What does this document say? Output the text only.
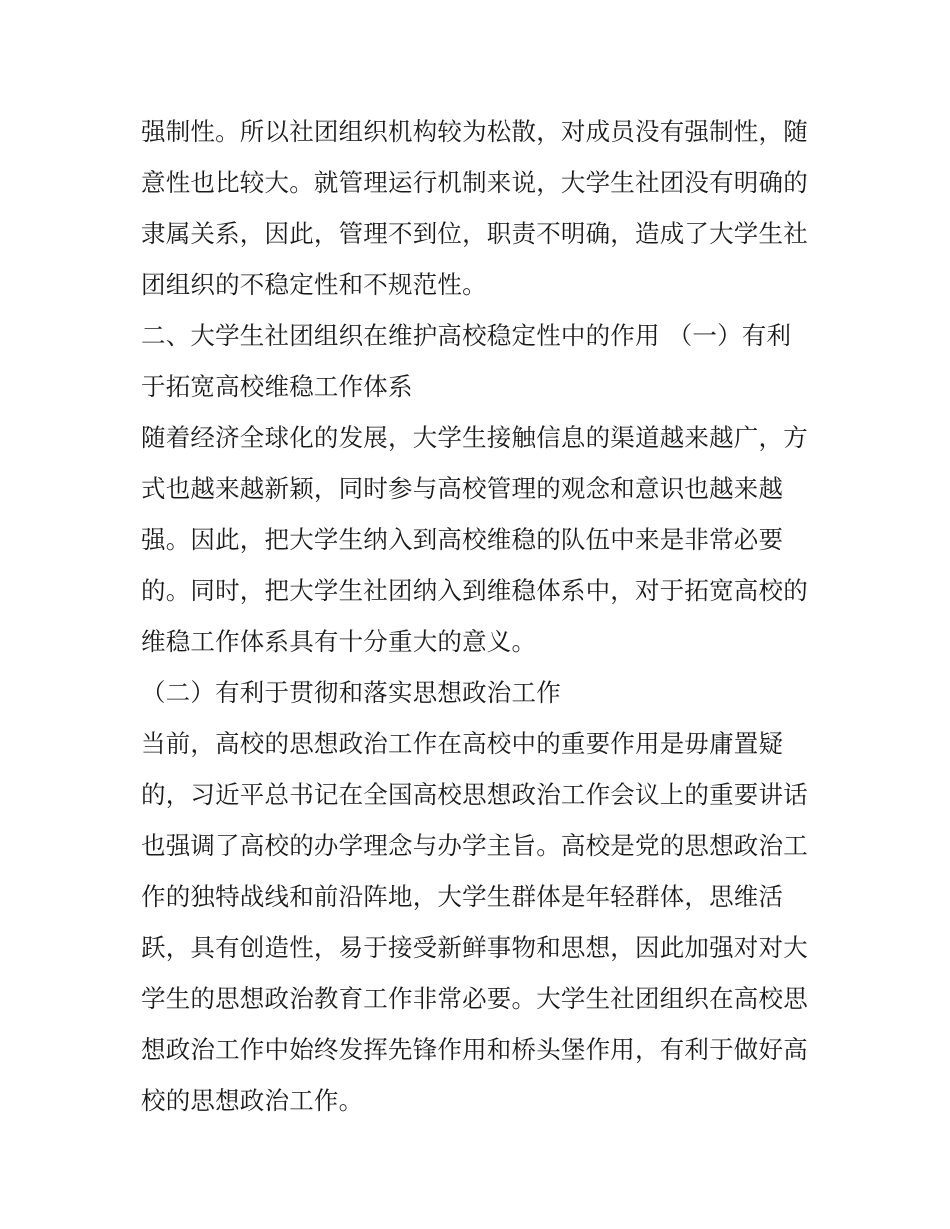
强制性。所以社团组织机构较为松散，对成员没有强制性，随
意性也比较大。就管理运行机制来说，大学生社团没有明确的
隶属关系，因此，管理不到位，职责不明确，造成了大学生社
团组织的不稳定性和不规范性。
二、大学生社团组织在维护高校稳定性中的作用 （一）有利
于拓宽高校维稳工作体系
随着经济全球化的发展，大学生接触信息的渠道越来越广，方
式也越来越新颖，同时参与高校管理的观念和意识也越来越
强。因此，把大学生纳入到高校维稳的队伍中来是非常必要
的。同时，把大学生社团纳入到维稳体系中，对于拓宽高校的
维稳工作体系具有十分重大的意义。
（二）有利于贯彻和落实思想政治工作
当前，高校的思想政治工作在高校中的重要作用是毋庸置疑
的，习近平总书记在全国高校思想政治工作会议上的重要讲话
也强调了高校的办学理念与办学主旨。高校是党的思想政治工
作的独特战线和前沿阵地，大学生群体是年轻群体，思维活
跃，具有创造性，易于接受新鲜事物和思想，因此加强对对大
学生的思想政治教育工作非常必要。大学生社团组织在高校思
想政治工作中始终发挥先锋作用和桥头堡作用，有利于做好高
校的思想政治工作。
